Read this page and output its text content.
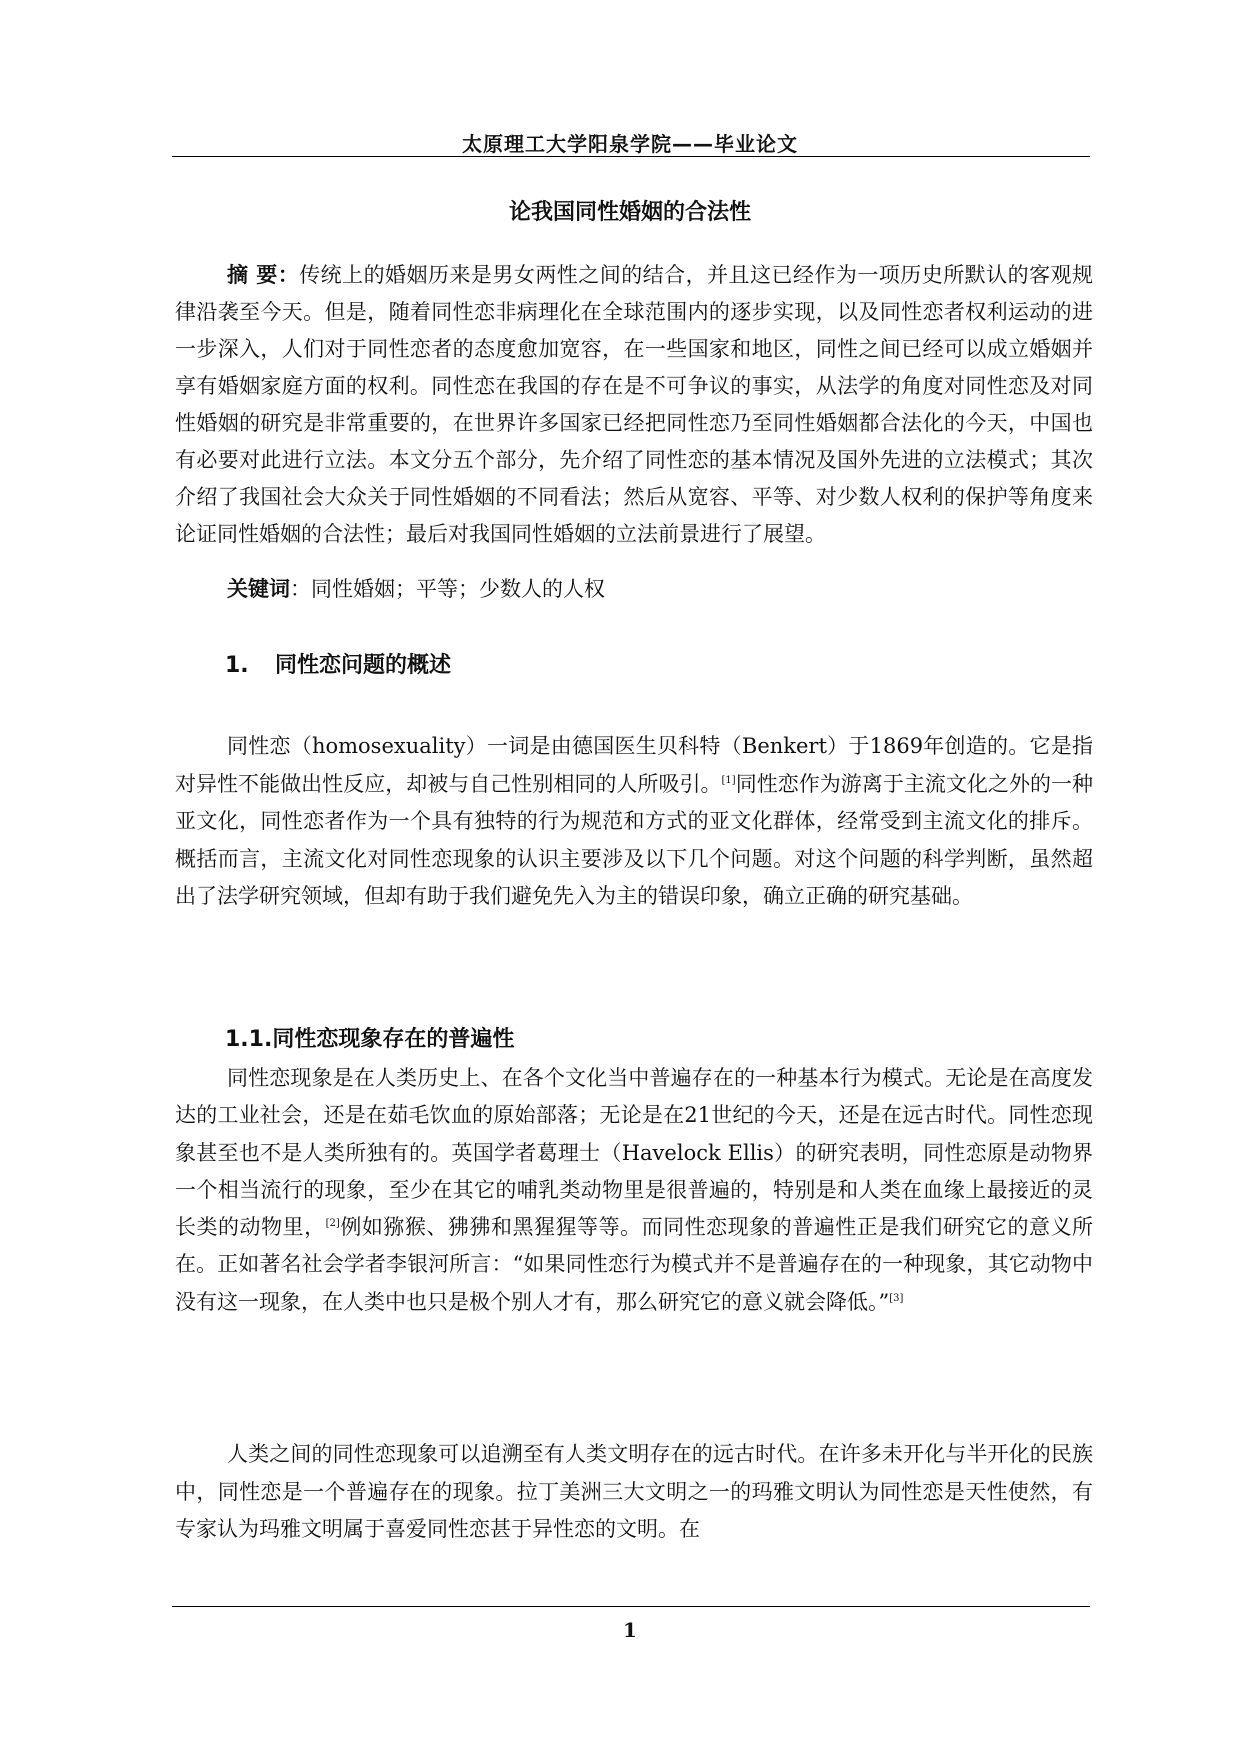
太原理工大学阳泉学院——毕业论文
论我国同性婚姻的合法性
摘 要：传统上的婚姻历来是男女两性之间的结合，并且这已经作为一项历史所默认的客观规律沿袭至今天。但是，随着同性恋非病理化在全球范围内的逐步实现，以及同性恋者权利运动的进一步深入，人们对于同性恋者的态度愈加宽容，在一些国家和地区，同性之间已经可以成立婚姻并享有婚姻家庭方面的权利。同性恋在我国的存在是不可争议的事实，从法学的角度对同性恋及对同性婚姻的研究是非常重要的，在世界许多国家已经把同性恋乃至同性婚姻都合法化的今天，中国也有必要对此进行立法。本文分五个部分，先介绍了同性恋的基本情况及国外先进的立法模式；其次介绍了我国社会大众关于同性婚姻的不同看法；然后从宽容、平等、对少数人权利的保护等角度来论证同性婚姻的合法性；最后对我国同性婚姻的立法前景进行了展望。
关键词：同性婚姻；平等；少数人的人权
1. 同性恋问题的概述
同性恋（homosexuality）一词是由德国医生贝科特（Benkert）于1869年创造的。它是指对异性不能做出性反应，却被与自己性别相同的人所吸引。[1]同性恋作为游离于主流文化之外的一种亚文化，同性恋者作为一个具有独特的行为规范和方式的亚文化群体，经常受到主流文化的排斥。概括而言，主流文化对同性恋现象的认识主要涉及以下几个问题。对这个问题的科学判断，虽然超出了法学研究领域，但却有助于我们避免先入为主的错误印象，确立正确的研究基础。
1.1.同性恋现象存在的普遍性
同性恋现象是在人类历史上、在各个文化当中普遍存在的一种基本行为模式。无论是在高度发达的工业社会，还是在茹毛饮血的原始部落；无论是在21世纪的今天，还是在远古时代。同性恋现象甚至也不是人类所独有的。英国学者葛理士（Havelock Ellis）的研究表明，同性恋原是动物界一个相当流行的现象，至少在其它的哺乳类动物里是很普遍的，特别是和人类在血缘上最接近的灵长类的动物里，[2]例如猕猴、狒狒和黑猩猩等等。而同性恋现象的普遍性正是我们研究它的意义所在。正如著名社会学者李银河所言：“如果同性恋行为模式并不是普遍存在的一种现象，其它动物中没有这一现象，在人类中也只是极个别人才有，那么研究它的意义就会降低。”[3]
人类之间的同性恋现象可以追溯至有人类文明存在的远古时代。在许多未开化与半开化的民族中，同性恋是一个普遍存在的现象。拉丁美洲三大文明之一的玛雅文明认为同性恋是天性使然，有专家认为玛雅文明属于喜爱同性恋甚于异性恋的文明。在
1
